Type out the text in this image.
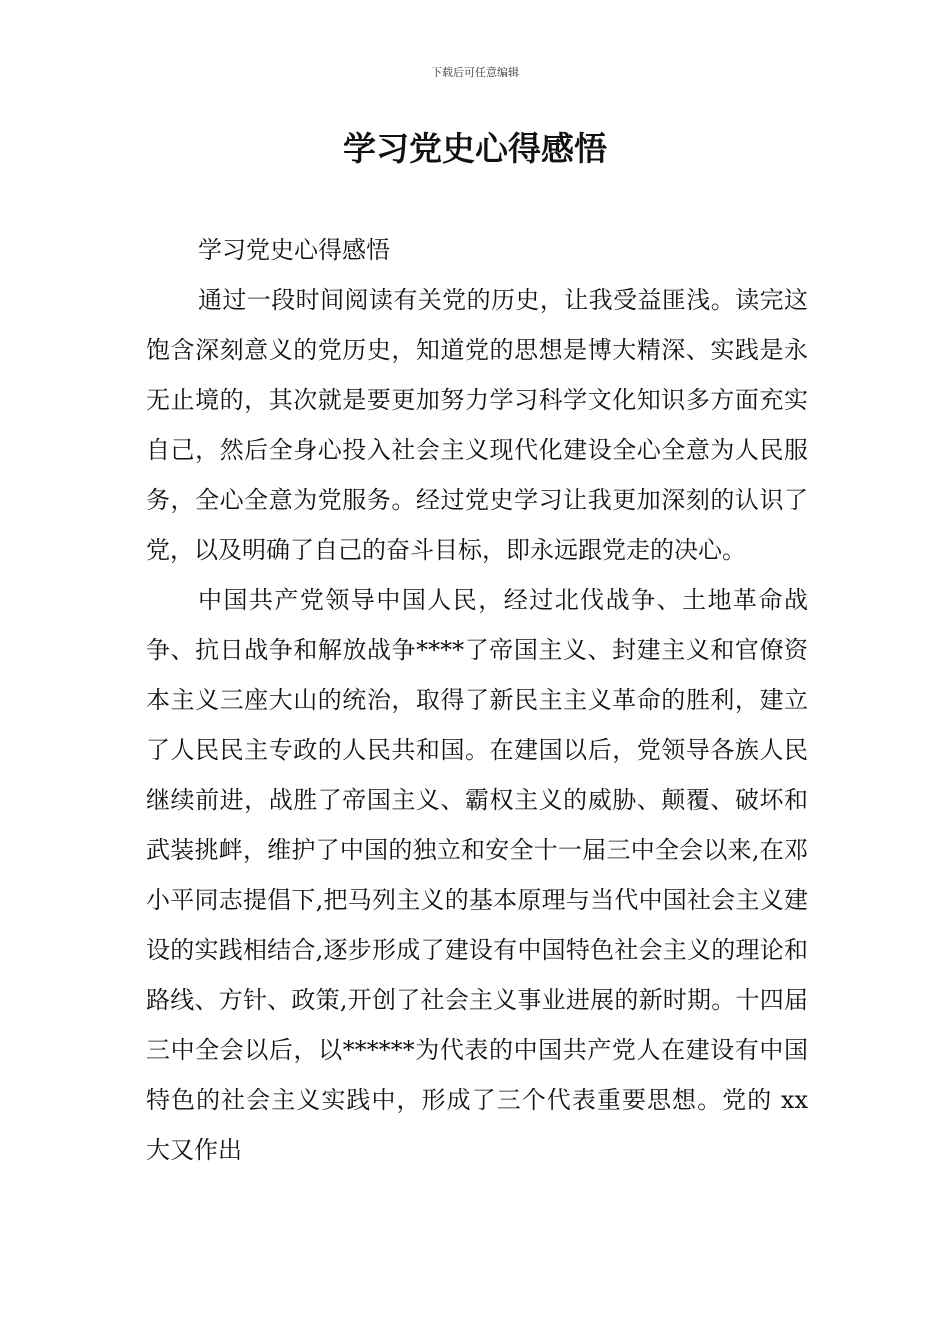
下载后可任意编辑
学习党史心得感悟

学习党史心得感悟

通过一段时间阅读有关党的历史，让我受益匪浅。读完这饱含深刻意义的党历史，知道党的思想是博大精深、实践是永无止境的，其次就是要更加努力学习科学文化知识多方面充实自己，然后全身心投入社会主义现代化建设全心全意为人民服务，全心全意为党服务。经过党史学习让我更加深刻的认识了党，以及明确了自己的奋斗目标，即永远跟党走的决心。

中国共产党领导中国人民，经过北伐战争、土地革命战争、抗日战争和解放战争****了帝国主义、封建主义和官僚资本主义三座大山的统治，取得了新民主主义革命的胜利，建立了人民民主专政的人民共和国。在建国以后，党领导各族人民继续前进，战胜了帝国主义、霸权主义的威胁、颠覆、破坏和武装挑衅，维护了中国的独立和安全十一届三中全会以来,在邓小平同志提倡下,把马列主义的基本原理与当代中国社会主义建设的实践相结合,逐步形成了建设有中国特色社会主义的理论和路线、方针、政策,开创了社会主义事业进展的新时期。十四届三中全会以后，以******为代表的中国共产党人在建设有中国特色的社会主义实践中，形成了三个代表重要思想。党的 xx 大又作出
